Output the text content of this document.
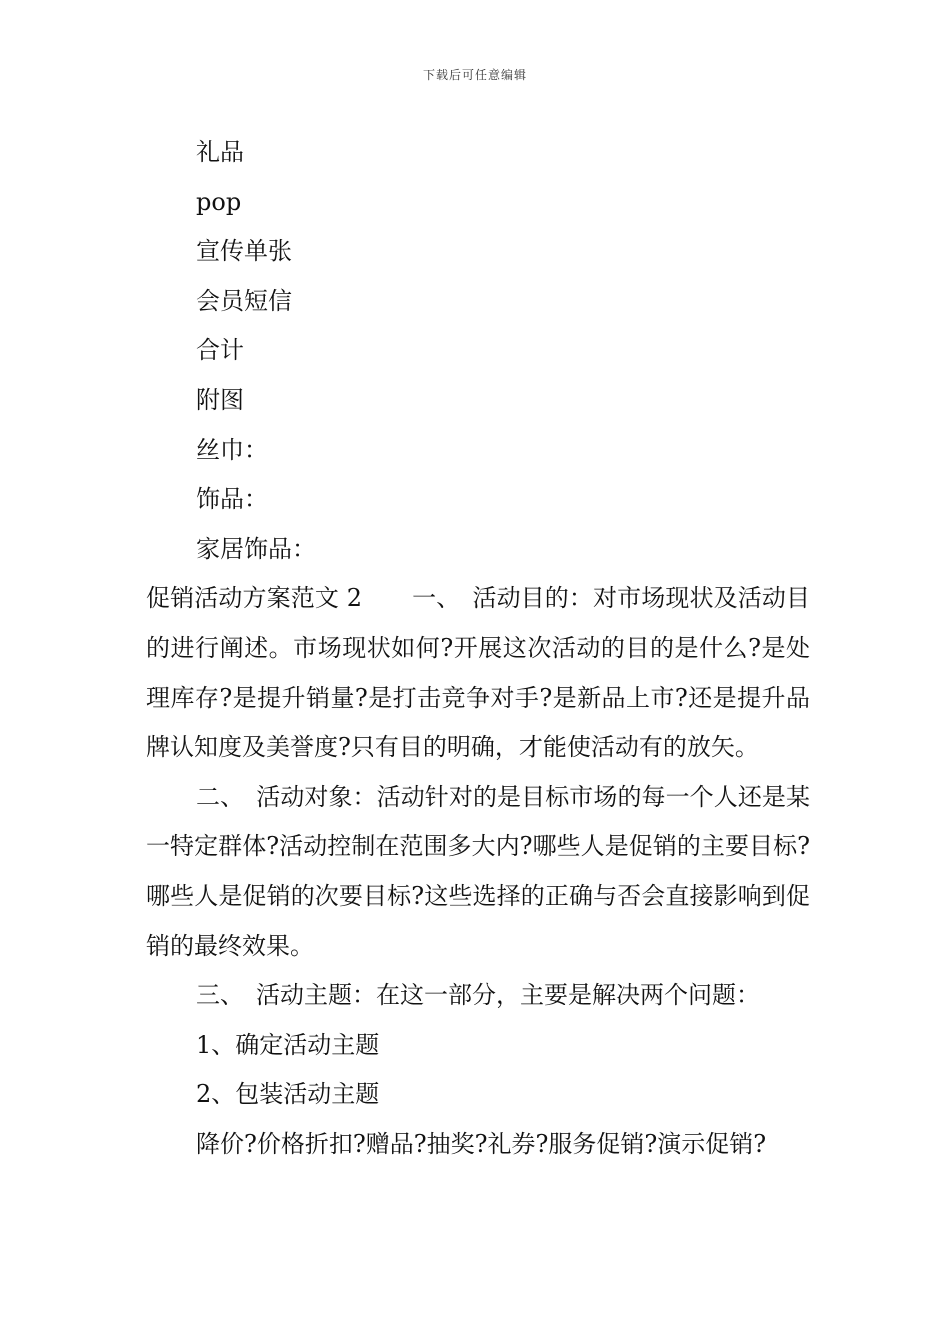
下载后可任意编辑
礼品
pop
宣传单张
会员短信
合计
附图
丝巾：
饰品：
家居饰品：
促销活动方案范文 2 一、　活动目的：对市场现状及活动目的进行阐述。市场现状如何?开展这次活动的目的是什么?是处理库存?是提升销量?是打击竞争对手?是新品上市?还是提升品牌认知度及美誉度?只有目的明确，才能使活动有的放矢。
二、　活动对象：活动针对的是目标市场的每一个人还是某一特定群体?活动控制在范围多大内?哪些人是促销的主要目标?哪些人是促销的次要目标?这些选择的正确与否会直接影响到促销的最终效果。
三、　活动主题：在这一部分，主要是解决两个问题：
1、确定活动主题
2、包装活动主题
降价?价格折扣?赠品?抽奖?礼券?服务促销?演示促销?
